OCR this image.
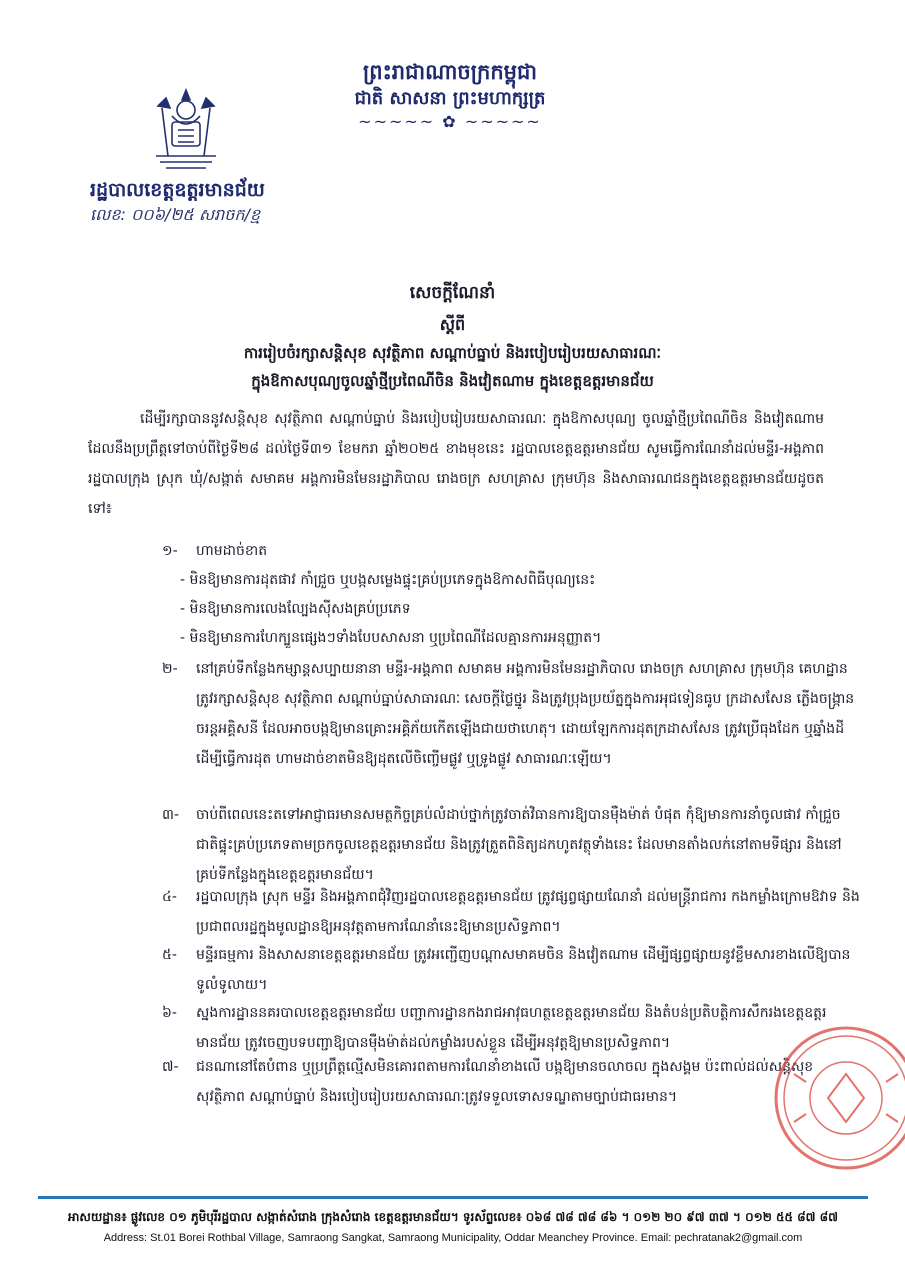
ព្រះរាជាណាចក្រកម្ពុជា
ជាតិ សាសនា ព្រះមហាក្សត្រ
~~~~~ ✿ ~~~~~
រដ្ឋបាលខេត្តឧត្តរមានជ័យ
លេខ: ០០៦/២៥ សរាចក/ខ្ម
សេចក្តីណែនាំ
ស្តីពី
ការរៀបចំរក្សាសន្តិសុខ សុវត្ថិភាព សណ្តាប់ធ្នាប់ និងរបៀបរៀបរយសាធារណៈ
ក្នុងឱកាសបុណ្យចូលឆ្នាំថ្មីប្រពៃណីចិន និងវៀតណាម ក្នុងខេត្តឧត្តរមានជ័យ
ដើម្បីរក្សាបាននូវសន្តិសុខ សុវត្ថិភាព សណ្តាប់ធ្នាប់ និងរបៀបរៀបរយសាធារណៈ ក្នុងឱកាសបុណ្យ ចូលឆ្នាំថ្មីប្រពៃណីចិន និងវៀតណាម ដែលនឹងប្រព្រឹត្តទៅចាប់ពីថ្ងៃទី២៨ ដល់ថ្ងៃទី៣១ ខែមករា ឆ្នាំ២០២៥ ខាងមុខនេះ រដ្ឋបាលខេត្តឧត្តរមានជ័យ សូមធ្វើការណែនាំដល់មន្ទីរ-អង្គភាព រដ្ឋបាលក្រុង ស្រុក ឃុំ/សង្កាត់ សមាគម អង្គការមិនមែនរដ្ឋាភិបាល រោងចក្រ សហគ្រាស ក្រុមហ៊ុន និងសាធារណជនក្នុងខេត្តឧត្តរមានជ័យដូចតទៅ៖
១-	ហាមដាច់ខាត
- មិនឱ្យមានការដុតផាវ កាំជ្រួច ឬបង្កសម្លេងផ្ទុះគ្រប់ប្រភេទក្នុងឱកាសពិធីបុណ្យនេះ
- មិនឱ្យមានការលេងល្បែងស៊ីសងគ្រប់ប្រភេទ
- មិនឱ្យមានការហែក្បួនផ្សេងៗទាំងបែបសាសនា ឬប្រពៃណីដែលគ្មានការអនុញ្ញាត។
២-	នៅគ្រប់ទីកន្លែងកម្សាន្តសប្បាយនានា មន្ទីរ-អង្គភាព សមាគម អង្គការមិនមែនរដ្ឋាភិបាល រោងចក្រ សហគ្រាស ក្រុមហ៊ុន គេហដ្ឋាន ត្រូវរក្សាសន្តិសុខ សុវត្ថិភាព សណ្តាប់ធ្នាប់សាធារណៈ សេចក្តីថ្លៃថ្នូរ និងត្រូវប្រុងប្រយ័ត្នក្នុងការអុជទៀនធូប ក្រដាសសែន ភ្លើងចង្ក្រាន ចរន្តអគ្គិសនី ដែលអាចបង្កឱ្យមានគ្រោះអគ្គិភ័យកើតឡើងជាយថាហេតុ។ ដោយឡែកការដុតក្រដាសសែន ត្រូវប្រើធុងដែក ឬឆ្នាំងដី ដើម្បីធ្វើការដុត ហាមដាច់ខាតមិនឱ្យដុតលើចិញ្ចើមផ្លូវ ឬទ្រូងផ្លូវ សាធារណៈឡើយ។
៣-	ចាប់ពីពេលនេះតទៅអាជ្ញាធរមានសមត្ថកិច្ចគ្រប់លំដាប់ថ្នាក់ត្រូវចាត់វិធានការឱ្យបានម៉ឺងម៉ាត់ បំផុត កុំឱ្យមានការនាំចូលផាវ កាំជ្រួច ជាតិផ្ទុះគ្រប់ប្រភេទតាមច្រកចូលខេត្តឧត្តរមានជ័យ និងត្រូវត្រួតពិនិត្យដកហូតវត្ថុទាំងនេះ ដែលមានតាំងលក់នៅតាមទីផ្សារ និងនៅគ្រប់ទីកន្លែងក្នុងខេត្តឧត្តរមានជ័យ។
៤-	រដ្ឋបាលក្រុង ស្រុក មន្ទីរ និងអង្គភាពជុំវិញរដ្ឋបាលខេត្តឧត្តរមានជ័យ ត្រូវផ្សព្វផ្សាយណែនាំ ដល់មន្ត្រីរាជការ កងកម្លាំងក្រោមឱវាទ និងប្រជាពលរដ្ឋក្នុងមូលដ្ឋានឱ្យអនុវត្តតាមការណែនាំនេះឱ្យមានប្រសិទ្ធភាព។
៥-	មន្ទីរធម្មការ និងសាសនាខេត្តឧត្តរមានជ័យ ត្រូវអញ្ជើញបណ្តាសមាគមចិន និងវៀតណាម ដើម្បីផ្សព្វផ្សាយនូវខ្លឹមសារខាងលើឱ្យបានទូលំទូលាយ។
៦-	ស្នងការដ្ឋាននគរបាលខេត្តឧត្តរមានជ័យ បញ្ជាការដ្ឋានកងរាជអាវុធហត្ថខេត្តឧត្តរមានជ័យ និងតំបន់ប្រតិបត្តិការសឹករងខេត្តឧត្តរមានជ័យ ត្រូវចេញបទបញ្ជាឱ្យបានម៉ឺងម៉ាត់ដល់កម្លាំងរបស់ខ្លួន ដើម្បីអនុវត្តឱ្យមានប្រសិទ្ធភាព។
៧-	ជនណានៅតែបំពាន ឬប្រព្រឹត្តល្មើសមិនគោរពតាមការណែនាំខាងលើ បង្កឱ្យមានចលាចល ក្នុងសង្គម ប៉ះពាល់ដល់សន្តិសុខ សុវត្ថិភាព សណ្តាប់ធ្នាប់ និងរបៀបរៀបរយសាធារណៈត្រូវទទួលទោសទណ្ឌតាមច្បាប់ជាធរមាន។
អាសយដ្ឋាន៖ ផ្លូវលេខ ០១ ភូមិបុរីរដ្ឋបាល សង្កាត់សំរោង ក្រុងសំរោង ខេត្តឧត្តរមានជ័យ។ ទូរស័ព្ទលេខ៖ ០៦៨ ៧៨ ៧៨ ៨៦ ។ ០១២ ២០ ៩៧ ៣៧ ។ ០១២ ៥៥ ៨៧ ៨៧
Address: St.01 Borei Rothbal Village, Samraong Sangkat, Samraong Municipality, Oddar Meanchey Province. Email: pechratanak2@gmail.com
